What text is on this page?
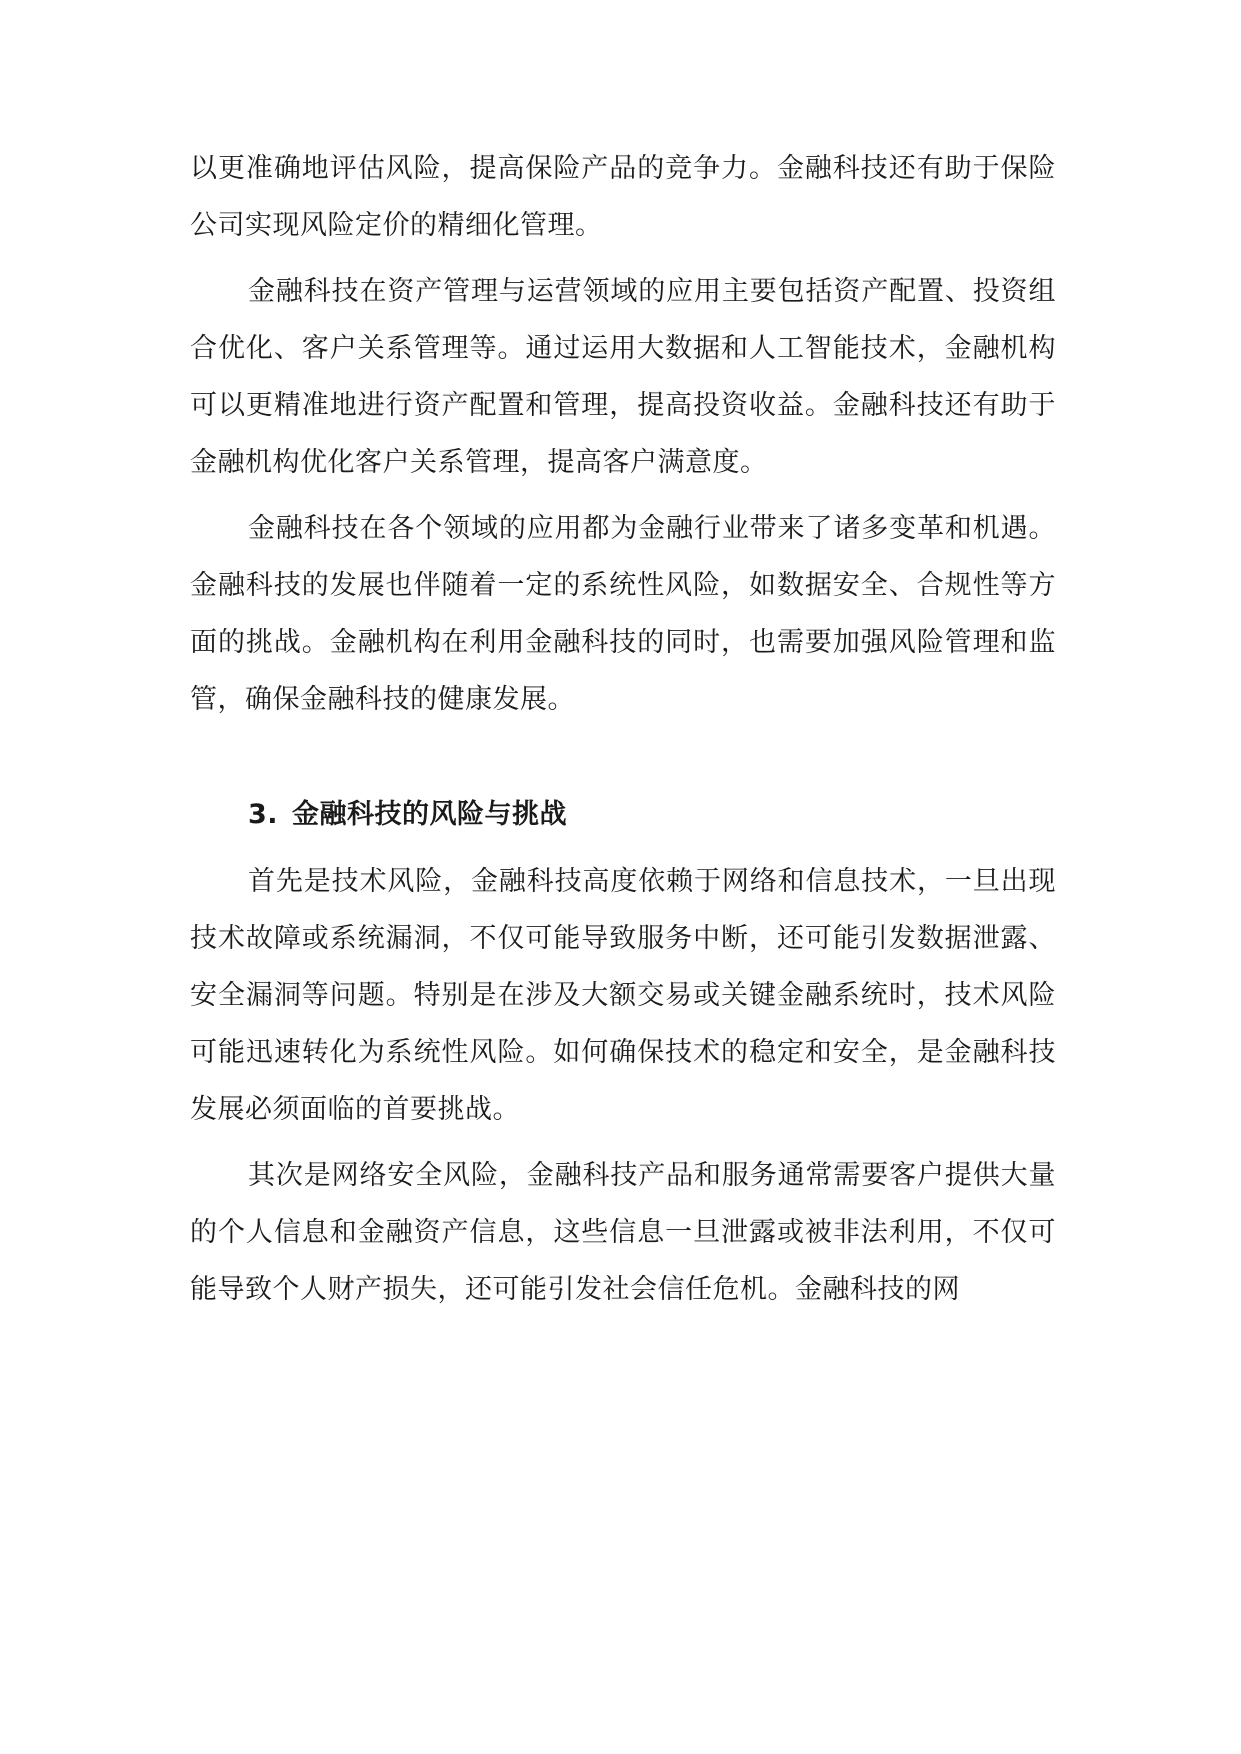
以更准确地评估风险，提高保险产品的竞争力。金融科技还有助于保险公司实现风险定价的精细化管理。

金融科技在资产管理与运营领域的应用主要包括资产配置、投资组合优化、客户关系管理等。通过运用大数据和人工智能技术，金融机构可以更精准地进行资产配置和管理，提高投资收益。金融科技还有助于金融机构优化客户关系管理，提高客户满意度。

金融科技在各个领域的应用都为金融行业带来了诸多变革和机遇。金融科技的发展也伴随着一定的系统性风险，如数据安全、合规性等方面的挑战。金融机构在利用金融科技的同时，也需要加强风险管理和监管，确保金融科技的健康发展。

3. 金融科技的风险与挑战

首先是技术风险，金融科技高度依赖于网络和信息技术，一旦出现技术故障或系统漏洞，不仅可能导致服务中断，还可能引发数据泄露、安全漏洞等问题。特别是在涉及大额交易或关键金融系统时，技术风险可能迅速转化为系统性风险。如何确保技术的稳定和安全，是金融科技发展必须面临的首要挑战。

其次是网络安全风险，金融科技产品和服务通常需要客户提供大量的个人信息和金融资产信息，这些信息一旦泄露或被非法利用，不仅可能导致个人财产损失，还可能引发社会信任危机。金融科技的网
